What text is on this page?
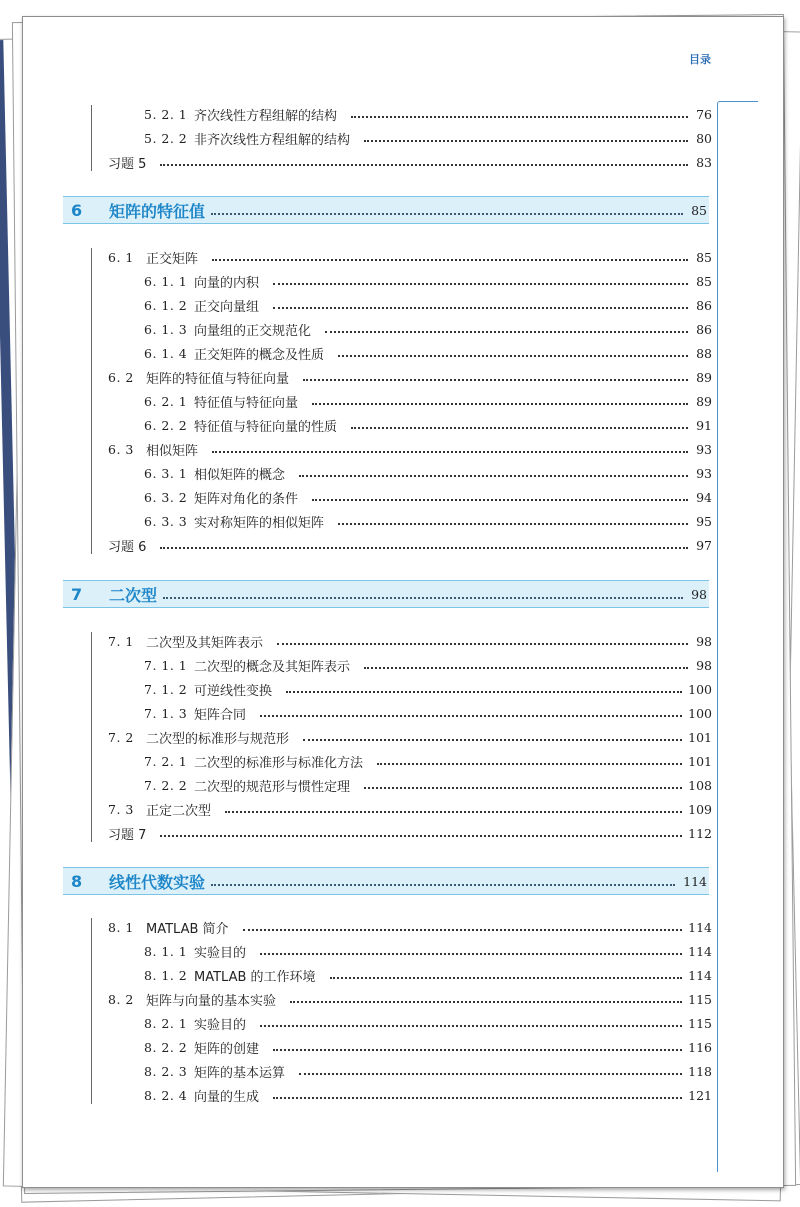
目录
5. 2. 1 齐次线性方程组解的结构	76
5. 2. 2 非齐次线性方程组解的结构	80
习题 5	83
6	矩阵的特征值	85
6. 1 正交矩阵	85
6. 1. 1 向量的内积	85
6. 1. 2 正交向量组	86
6. 1. 3 向量组的正交规范化	86
6. 1. 4 正交矩阵的概念及性质	88
6. 2 矩阵的特征值与特征向量	89
6. 2. 1 特征值与特征向量	89
6. 2. 2 特征值与特征向量的性质	91
6. 3 相似矩阵	93
6. 3. 1 相似矩阵的概念	93
6. 3. 2 矩阵对角化的条件	94
6. 3. 3 实对称矩阵的相似矩阵	95
习题 6	97
7	二次型	98
7. 1 二次型及其矩阵表示	98
7. 1. 1 二次型的概念及其矩阵表示	98
7. 1. 2 可逆线性变换	100
7. 1. 3 矩阵合同	100
7. 2 二次型的标准形与规范形	101
7. 2. 1 二次型的标准形与标准化方法	101
7. 2. 2 二次型的规范形与惯性定理	108
7. 3 正定二次型	109
习题 7	112
8	线性代数实验	114
8. 1 MATLAB 简介	114
8. 1. 1 实验目的	114
8. 1. 2 MATLAB 的工作环境	114
8. 2 矩阵与向量的基本实验	115
8. 2. 1 实验目的	115
8. 2. 2 矩阵的创建	116
8. 2. 3 矩阵的基本运算	118
8. 2. 4 向量的生成	121
